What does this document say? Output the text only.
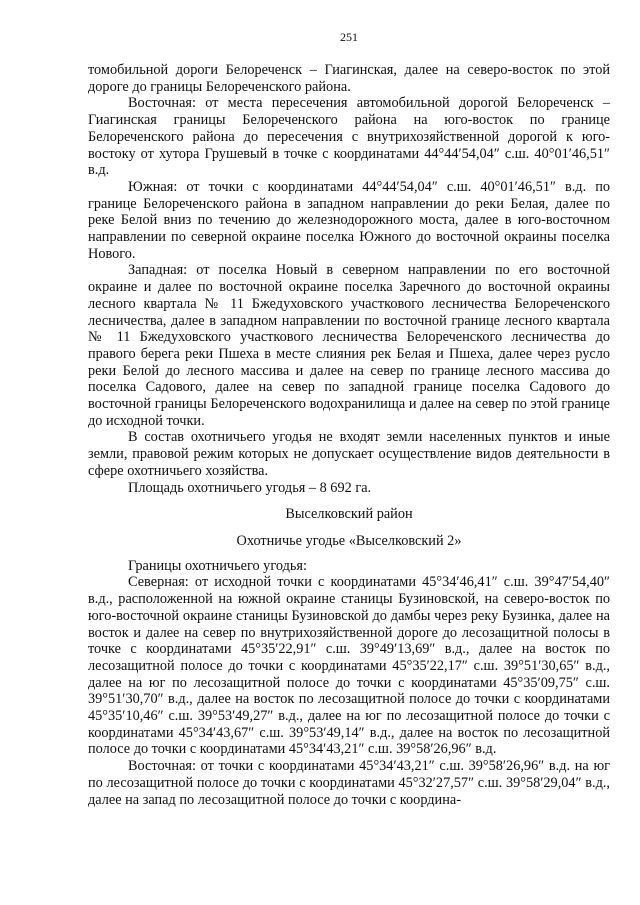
251

томобильной дороги Белореченск – Гиагинская, далее на северо-восток по этой дороге до границы Белореченского района.

Восточная: от места пересечения автомобильной дорогой Белореченск – Гиагинская границы Белореченского района на юго-восток по границе Белореченского района до пересечения с внутрихозяйственной дорогой к юго-востоку от хутора Грушевый в точке с координатами 44°44′54,04″ с.ш. 40°01′46,51″ в.д.

Южная: от точки с координатами 44°44′54,04″ с.ш. 40°01′46,51″ в.д. по границе Белореченского района в западном направлении до реки Белая, далее по реке Белой вниз по течению до железнодорожного моста, далее в юго-восточном направлении по северной окраине поселка Южного до восточной окраины поселка Нового.

Западная: от поселка Новый в северном направлении по его восточной окраине и далее по восточной окраине поселка Заречного до восточной окраины лесного квартала № 11 Бжедуховского участкового лесничества Белореченского лесничества, далее в западном направлении по восточной границе лесного квартала № 11 Бжедуховского участкового лесничества Белореченского лесничества до правого берега реки Пшеха в месте слияния рек Белая и Пшеха, далее через русло реки Белой до лесного массива и далее на север по границе лесного массива до поселка Садового, далее на север по западной границе поселка Садового до восточной границы Белореченского водохранилища и далее на север по этой границе до исходной точки.

В состав охотничьего угодья не входят земли населенных пунктов и иные земли, правовой режим которых не допускает осуществление видов деятельности в сфере охотничьего хозяйства.

Площадь охотничьего угодья – 8 692 га.

Выселковский район

Охотничье угодье «Выселковский 2»

Границы охотничьего угодья:

Северная: от исходной точки с координатами 45°34′46,41″ с.ш. 39°47′54,40″ в.д., расположенной на южной окраине станицы Бузиновской, на северо-восток по юго-восточной окраине станицы Бузиновской до дамбы через реку Бузинка, далее на восток и далее на север по внутрихозяйственной дороге до лесозащитной полосы в точке с координатами 45°35′22,91″ с.ш. 39°49′13,69″ в.д., далее на восток по лесозащитной полосе до точки с координатами 45°35′22,17″ с.ш. 39°51′30,65″ в.д., далее на юг по лесозащитной полосе до точки с координатами 45°35′09,75″ с.ш. 39°51′30,70″ в.д., далее на восток по лесозащитной полосе до точки с координатами 45°35′10,46″ с.ш. 39°53′49,27″ в.д., далее на юг по лесозащитной полосе до точки с координатами 45°34′43,67″ с.ш. 39°53′49,14″ в.д., далее на восток по лесозащитной полосе до точки с координатами 45°34′43,21″ с.ш. 39°58′26,96″ в.д.

Восточная: от точки с координатами 45°34′43,21″ с.ш. 39°58′26,96″ в.д. на юг по лесозащитной полосе до точки с координатами 45°32′27,57″ с.ш. 39°58′29,04″ в.д., далее на запад по лесозащитной полосе до точки с координа-
